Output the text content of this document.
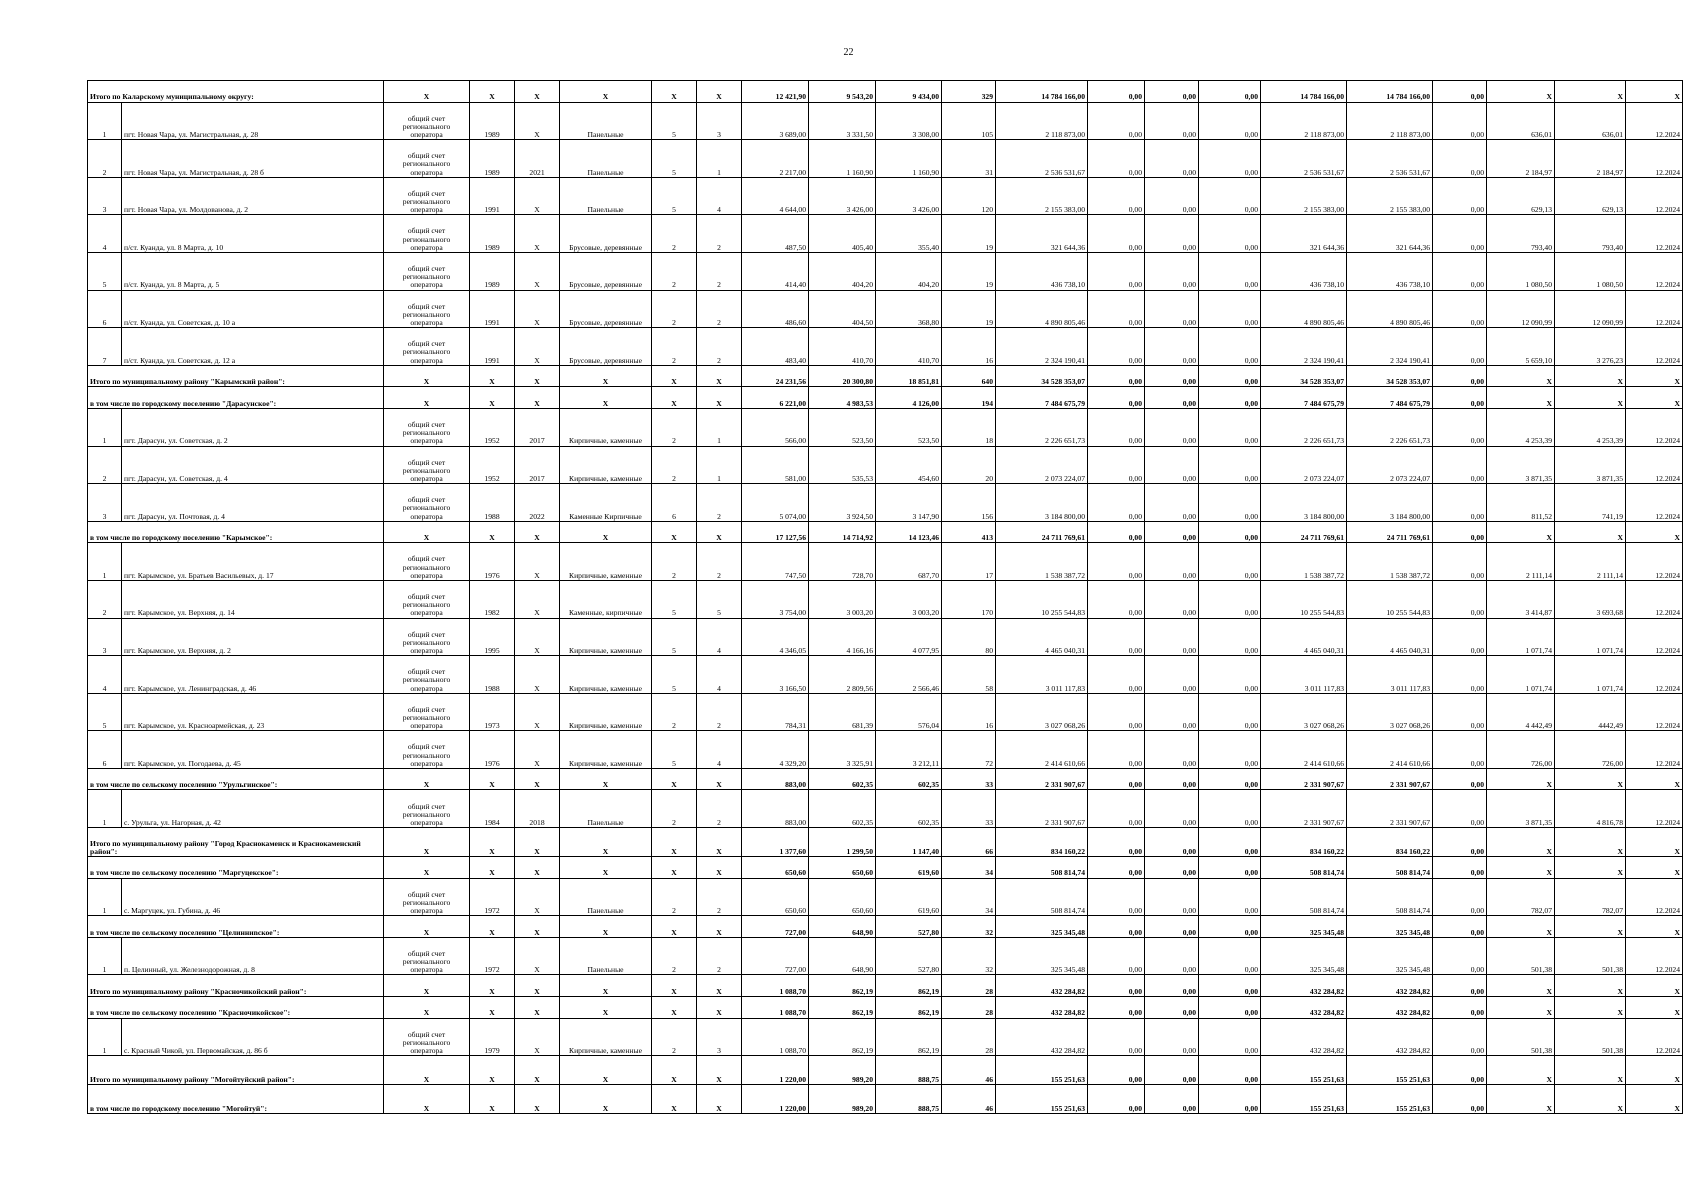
22
Итого по Каларскому муниципальному округу:		X	X	X	X	X	X	12 421,90	9 543,20	9 434,00	329	14 784 166,00	0,00	0,00	0,00	14 784 166,00	14 784 166,00	0,00	X	X	X
1	пгт. Новая Чара, ул. Магистральная, д. 28	общий счет регионального оператора	1989	X	Панельные	5	3	3 689,00	3 331,50	3 308,00	105	2 118 873,00	0,00	0,00	0,00	2 118 873,00	2 118 873,00	0,00	636,01	636,01	12.2024
2	пгт. Новая Чара, ул. Магистральная, д. 28 б	общий счет регионального оператора	1989	2021	Панельные	5	1	2 217,00	1 160,90	1 160,90	31	2 536 531,67	0,00	0,00	0,00	2 536 531,67	2 536 531,67	0,00	2 184,97	2 184,97	12.2024
3	пгт. Новая Чара, ул. Молдованова, д. 2	общий счет регионального оператора	1991	X	Панельные	5	4	4 644,00	3 426,00	3 426,00	120	2 155 383,00	0,00	0,00	0,00	2 155 383,00	2 155 383,00	0,00	629,13	629,13	12.2024
4	п/ст. Куанда, ул. 8 Марта, д. 10	общий счет регионального оператора	1989	X	Брусовые, деревянные	2	2	487,50	405,40	355,40	19	321 644,36	0,00	0,00	0,00	321 644,36	321 644,36	0,00	793,40	793,40	12.2024
5	п/ст. Куанда, ул. 8 Марта, д. 5	общий счет регионального оператора	1989	X	Брусовые, деревянные	2	2	414,40	404,20	404,20	19	436 738,10	0,00	0,00	0,00	436 738,10	436 738,10	0,00	1 080,50	1 080,50	12.2024
6	п/ст. Куанда, ул. Советская, д. 10 а	общий счет регионального оператора	1991	X	Брусовые, деревянные	2	2	486,60	404,50	368,80	19	4 890 805,46	0,00	0,00	0,00	4 890 805,46	4 890 805,46	0,00	12 090,99	12 090,99	12.2024
7	п/ст. Куанда, ул. Советская, д. 12 а	общий счет регионального оператора	1991	X	Брусовые, деревянные	2	2	483,40	410,70	410,70	16	2 324 190,41	0,00	0,00	0,00	2 324 190,41	2 324 190,41	0,00	5 659,10	3 276,23	12.2024
Итого по муниципальному району "Карымский район":		X	X	X	X	X	X	24 231,56	20 300,80	18 851,81	640	34 528 353,07	0,00	0,00	0,00	34 528 353,07	34 528 353,07	0,00	X	X	X
в том числе по городскому поселению "Дарасунское":		X	X	X	X	X	X	6 221,00	4 983,53	4 126,00	194	7 484 675,79	0,00	0,00	0,00	7 484 675,79	7 484 675,79	0,00	X	X	X
1	пгт. Дарасун, ул. Советская, д. 2	общий счет регионального оператора	1952	2017	Кирпичные, каменные	2	1	566,00	523,50	523,50	18	2 226 651,73	0,00	0,00	0,00	2 226 651,73	2 226 651,73	0,00	4 253,39	4 253,39	12.2024
2	пгт. Дарасун, ул. Советская, д. 4	общий счет регионального оператора	1952	2017	Кирпичные, каменные	2	1	581,00	535,53	454,60	20	2 073 224,07	0,00	0,00	0,00	2 073 224,07	2 073 224,07	0,00	3 871,35	3 871,35	12.2024
3	пгт. Дарасун, ул. Почтовая, д. 4	общий счет регионального оператора	1988	2022	Каменные Кирпичные	6	2	5 074,00	3 924,50	3 147,90	156	3 184 800,00	0,00	0,00	0,00	3 184 800,00	3 184 800,00	0,00	811,52	741,19	12.2024
в том числе по городскому поселению "Карымское":		X	X	X	X	X	X	17 127,56	14 714,92	14 123,46	413	24 711 769,61	0,00	0,00	0,00	24 711 769,61	24 711 769,61	0,00	X	X	X
1	пгт. Карымское, ул. Братьев Васильевых, д. 17	общий счет регионального оператора	1976	X	Кирпичные, каменные	2	2	747,50	728,70	687,70	17	1 538 387,72	0,00	0,00	0,00	1 538 387,72	1 538 387,72	0,00	2 111,14	2 111,14	12.2024
2	пгт. Карымское, ул. Верхняя, д. 14	общий счет регионального оператора	1982	X	Каменные, кирпичные	5	5	3 754,00	3 003,20	3 003,20	170	10 255 544,83	0,00	0,00	0,00	10 255 544,83	10 255 544,83	0,00	3 414,87	3 693,68	12.2024
3	пгт. Карымское, ул. Верхняя, д. 2	общий счет регионального оператора	1995	X	Кирпичные, каменные	5	4	4 346,05	4 166,16	4 077,95	80	4 465 040,31	0,00	0,00	0,00	4 465 040,31	4 465 040,31	0,00	1 071,74	1 071,74	12.2024
4	пгт. Карымское, ул. Ленинградская, д. 46	общий счет регионального оператора	1988	X	Кирпичные, каменные	5	4	3 166,50	2 809,56	2 566,46	58	3 011 117,83	0,00	0,00	0,00	3 011 117,83	3 011 117,83	0,00	1 071,74	1 071,74	12.2024
5	пгт. Карымское, ул. Красноармейская, д. 23	общий счет регионального оператора	1973	X	Кирпичные, каменные	2	2	784,31	681,39	576,04	16	3 027 068,26	0,00	0,00	0,00	3 027 068,26	3 027 068,26	0,00	4 442,49	4442,49	12.2024
6	пгт. Карымское, ул. Погодаева, д. 45	общий счет регионального оператора	1976	X	Кирпичные, каменные	5	4	4 329,20	3 325,91	3 212,11	72	2 414 610,66	0,00	0,00	0,00	2 414 610,66	2 414 610,66	0,00	726,00	726,00	12.2024
в том числе по сельскому поселению "Урульгинское":		X	X	X	X	X	X	883,00	602,35	602,35	33	2 331 907,67	0,00	0,00	0,00	2 331 907,67	2 331 907,67	0,00	X	X	X
1	с. Урульга, ул. Нагорная, д. 42	общий счет регионального оператора	1984	2018	Панельные	2	2	883,00	602,35	602,35	33	2 331 907,67	0,00	0,00	0,00	2 331 907,67	2 331 907,67	0,00	3 871,35	4 816,78	12.2024
Итого по муниципальному району "Город Краснокаменск и Краснокаменский район":		X	X	X	X	X	X	1 377,60	1 299,50	1 147,40	66	834 160,22	0,00	0,00	0,00	834 160,22	834 160,22	0,00	X	X	X
в том числе по сельскому поселению "Маргуцекское":		X	X	X	X	X	X	650,60	650,60	619,60	34	508 814,74	0,00	0,00	0,00	508 814,74	508 814,74	0,00	X	X	X
1	с. Маргуцек, ул. Губина, д. 46	общий счет регионального оператора	1972	X	Панельные	2	2	650,60	650,60	619,60	34	508 814,74	0,00	0,00	0,00	508 814,74	508 814,74	0,00	782,07	782,07	12.2024
в том числе по сельскому поселению "Целинниnское":		X	X	X	X	X	X	727,00	648,90	527,80	32	325 345,48	0,00	0,00	0,00	325 345,48	325 345,48	0,00	X	X	X
1	п. Целинный, ул. Железнодорожная, д. 8	общий счет регионального оператора	1972	X	Панельные	2	2	727,00	648,90	527,80	32	325 345,48	0,00	0,00	0,00	325 345,48	325 345,48	0,00	501,38	501,38	12.2024
Итого по муниципальному району "Красночикойский район":		X	X	X	X	X	X	1 088,70	862,19	862,19	28	432 284,82	0,00	0,00	0,00	432 284,82	432 284,82	0,00	X	X	X
в том числе по сельскому поселению "Красночикойское":		X	X	X	X	X	X	1 088,70	862,19	862,19	28	432 284,82	0,00	0,00	0,00	432 284,82	432 284,82	0,00	X	X	X
1	с. Красный Чикой, ул. Первомайская, д. 86 б	общий счет регионального оператора	1979	X	Кирпичные, каменные	2	3	1 088,70	862,19	862,19	28	432 284,82	0,00	0,00	0,00	432 284,82	432 284,82	0,00	501,38	501,38	12.2024
Итого по муниципальному району "Могойтуйский район":		X	X	X	X	X	X	1 220,00	989,20	888,75	46	155 251,63	0,00	0,00	0,00	155 251,63	155 251,63	0,00	X	X	X
в том числе по городскому поселению "Могойтуй":		X	X	X	X	X	X	1 220,00	989,20	888,75	46	155 251,63	0,00	0,00	0,00	155 251,63	155 251,63	0,00	X	X	X
